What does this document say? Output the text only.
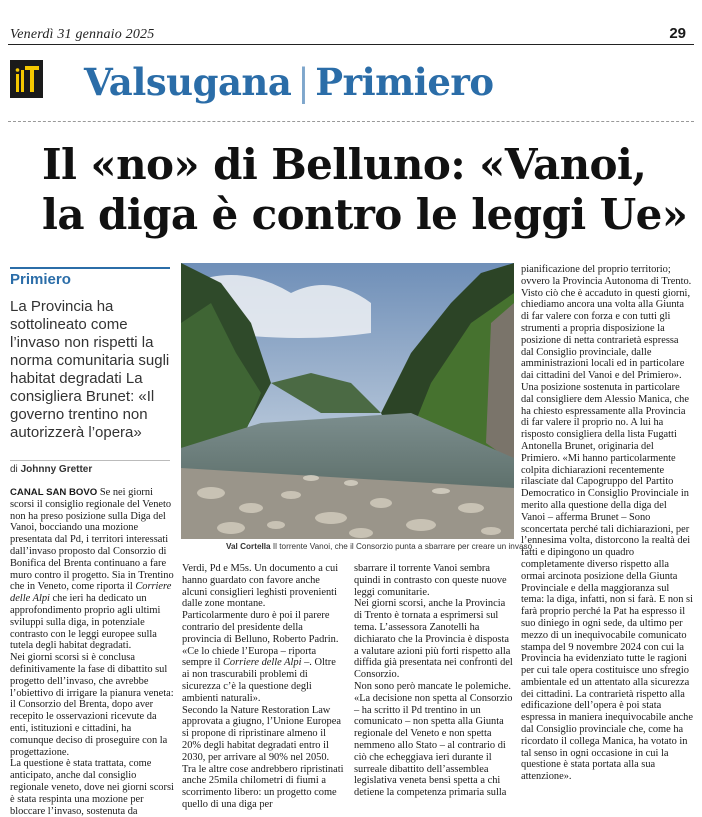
Venerdì 31 gennaio 2025	29
Valsugana | Primiero
Il «no» di Belluno: «Vanoi,
la diga è contro le leggi Ue»
Primiero
La Provincia ha sottolineato come l’invaso non rispetti la norma comunitaria sugli habitat degradati La consigliera Brunet: «Il governo trentino non autorizzerà l’opera»
di Johnny Gretter
Val Cortella Il torrente Vanoi, che il Consorzio punta a sbarrare per creare un invaso

CANAL SAN BOVO Se nei giorni scorsi il consiglio regionale del Veneto non ha preso posizione sulla Diga del Vanoi, bocciando una mozione presentata dal Pd, i territori interessati dall’invaso proposto dal Consorzio di Bonifica del Brenta continuano a fare muro contro il progetto. Sia in Trentino che in Veneto, come riporta il Corriere delle Alpi che ieri ha dedicato un approfondimento proprio agli ultimi sviluppi sulla diga, in potenziale contrasto con le leggi europee sulla tutela degli habitat degradati.

Nei giorni scorsi si è conclusa definitivamente la fase di dibattito sul progetto dell’invaso, che avrebbe l’obiettivo di irrigare la pianura veneta: il Consorzio del Brenta, dopo aver recepito le osservazioni ricevute da enti, istituzioni e cittadini, ha comunque deciso di proseguire con la progettazione.

La questione è stata trattata, come anticipato, anche dal consiglio regionale veneto, dove nei giorni scorsi è stata respinta una mozione per bloccare l’invaso, sostenuta da

Verdi, Pd e M5s. Un documento a cui hanno guardato con favore anche alcuni consiglieri leghisti provenienti dalle zone montane.

Particolarmente duro è poi il parere contrario del presidente della provincia di Belluno, Roberto Padrin. «Ce lo chiede l’Europa – riporta sempre il Corriere delle Alpi –. Oltre ai non trascurabili problemi di sicurezza c’è la questione degli ambienti naturali».

Secondo la Nature Restoration Law approvata a giugno, l’Unione Europea si propone di ripristinare almeno il 20% degli habitat degradati entro il 2030, per arrivare al 90% nel 2050. Tra le altre cose andrebbero ripristinati anche 25mila chilometri di fiumi a scorrimento libero: un progetto come quello di una diga per

sbarrare il torrente Vanoi sembra quindi in contrasto con queste nuove leggi comunitarie.

Nei giorni scorsi, anche la Provincia di Trento è tornata a esprimersi sul tema. L’assessora Zanotelli ha dichiarato che la Provincia è disposta a valutare azioni più forti rispetto alla diffida già presentata nei confronti del Consorzio.

Non sono però mancate le polemiche. «La decisione non spetta al Consorzio – ha scritto il Pd trentino in un comunicato – non spetta alla Giunta regionale del Veneto e non spetta nemmeno allo Stato – al contrario di ciò che echeggiava ieri durante il surreale dibattito dell’assemblea legislativa veneta bensì spetta a chi detiene la competenza primaria sulla

pianificazione del proprio territorio; ovvero la Provincia Autonoma di Trento. Visto ciò che è accaduto in questi giorni, chiediamo ancora una volta alla Giunta di far valere con forza e con tutti gli strumenti a propria disposizione la posizione di netta contrarietà espressa dal Consiglio provinciale, dalle amministrazioni locali ed in particolare dai cittadini del Vanoi e del Primiero».

Una posizione sostenuta in particolare dal consigliere dem Alessio Manica, che ha chiesto espressamente alla Provincia di far valere il proprio no. A lui ha risposto consigliera della lista Fugatti Antonella Brunet, originaria del Primiero. «Mi hanno particolarmente colpita dichiarazioni recentemente rilasciate dal Capogruppo del Partito Democratico in Consiglio Provinciale in merito alla questione della diga del Vanoi – afferma Brunet – Sono sconcertata perché tali dichiarazioni, per l’ennesima volta, distorcono la realtà dei fatti e dipingono un quadro completamente diverso rispetto alla ormai arcinota posizione della Giunta Provinciale e della maggioranza sul tema: la diga, infatti, non si farà. E non si farà proprio perché la Pat ha espresso il suo diniego in ogni sede, da ultimo per mezzo di un inequivocabile comunicato stampa del 9 novembre 2024 con cui la Provincia ha evidenziato tutte le ragioni per cui tale opera costituisce uno sfregio ambientale ed un attentato alla sicurezza dei cittadini. La contrarietà rispetto alla edificazione dell’opera è poi stata espressa in maniera inequivocabile anche dal Consiglio provinciale che, come ha ricordato il collega Manica, ha votato in tal senso in ogni occasione in cui la questione è stata portata alla sua attenzione».
